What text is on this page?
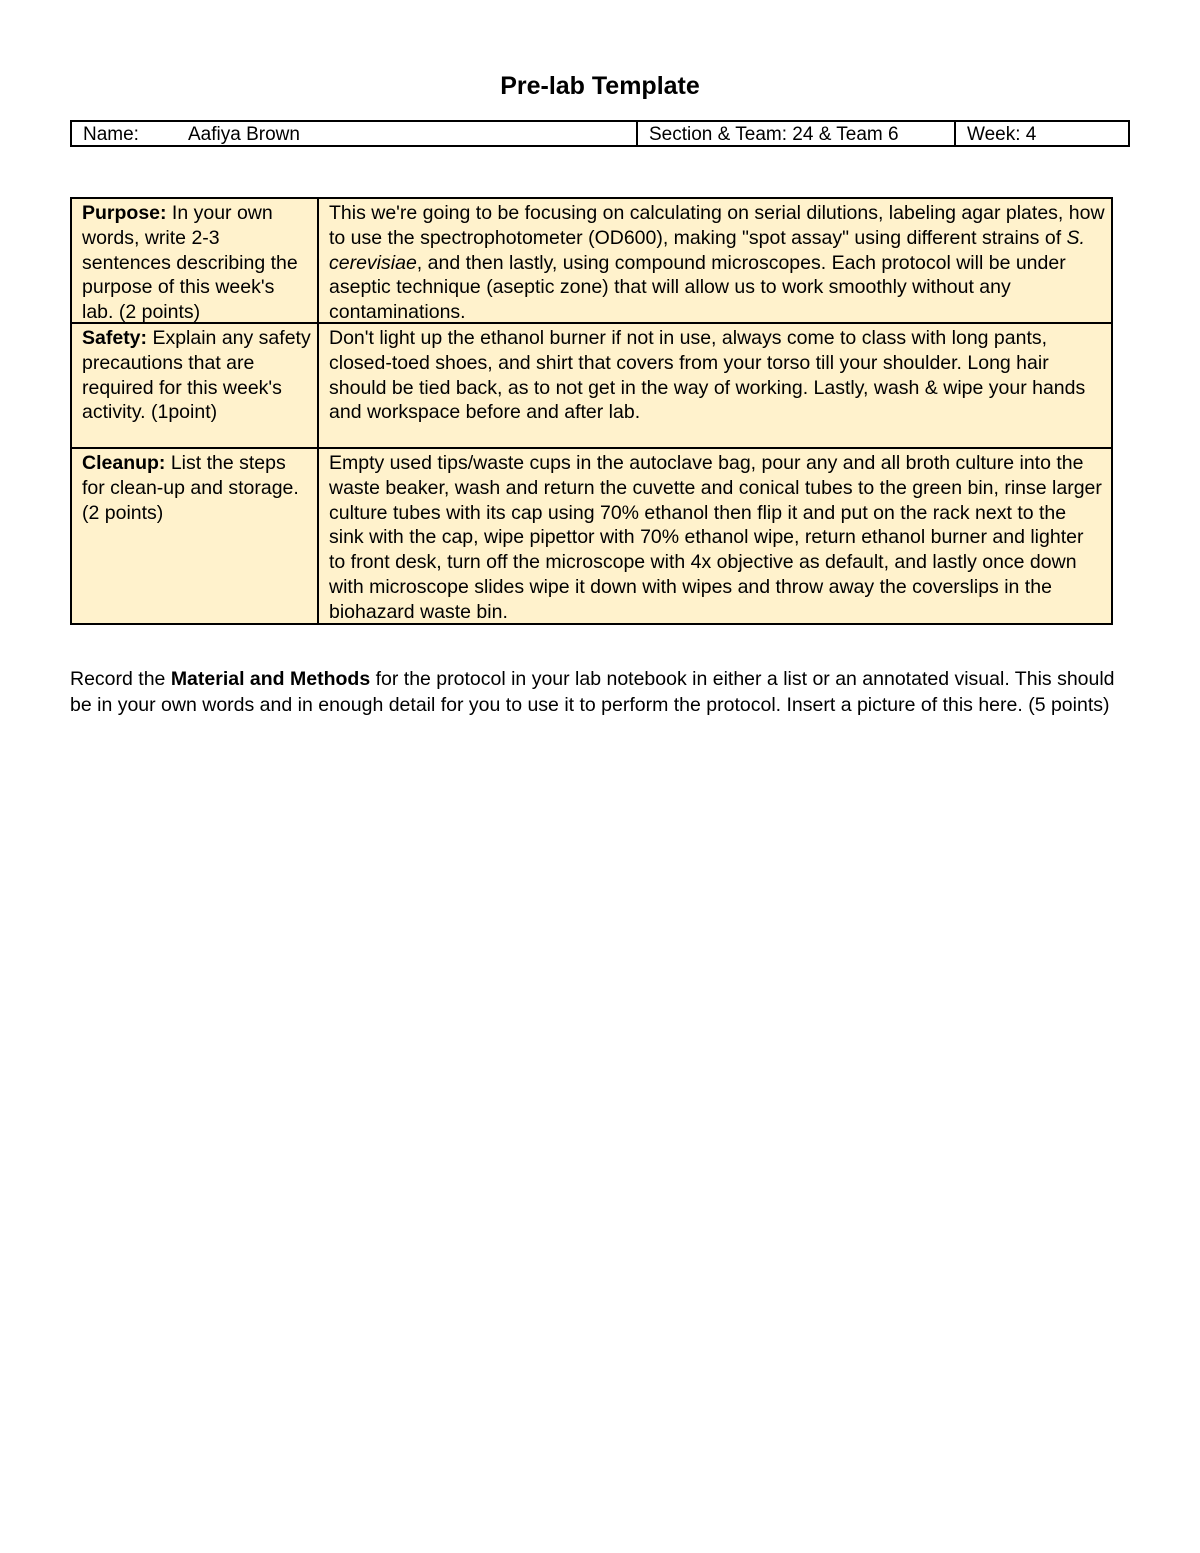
Pre-lab Template
Name:	Aafiya Brown	Section & Team: 24 & Team 6	Week: 4
Purpose: In your own words, write 2-3 sentences describing the purpose of this week's lab. (2 points)
This we're going to be focusing on calculating on serial dilutions, labeling agar plates, how to use the spectrophotometer (OD600), making "spot assay" using different strains of S. cerevisiae, and then lastly, using compound microscopes. Each protocol will be under aseptic technique (aseptic zone) that will allow us to work smoothly without any contaminations.
Safety: Explain any safety precautions that are required for this week's activity. (1point)
Don't light up the ethanol burner if not in use, always come to class with long pants, closed-toed shoes, and shirt that covers from your torso till your shoulder. Long hair should be tied back, as to not get in the way of working. Lastly, wash & wipe your hands and workspace before and after lab.
Cleanup: List the steps for clean-up and storage. (2 points)
Empty used tips/waste cups in the autoclave bag, pour any and all broth culture into the waste beaker, wash and return the cuvette and conical tubes to the green bin, rinse larger culture tubes with its cap using 70% ethanol then flip it and put on the rack next to the sink with the cap, wipe pipettor with 70% ethanol wipe, return ethanol burner and lighter to front desk, turn off the microscope with 4x objective as default, and lastly once down with microscope slides wipe it down with wipes and throw away the coverslips in the biohazard waste bin.
Record the Material and Methods for the protocol in your lab notebook in either a list or an annotated visual. This should be in your own words and in enough detail for you to use it to perform the protocol. Insert a picture of this here. (5 points)
